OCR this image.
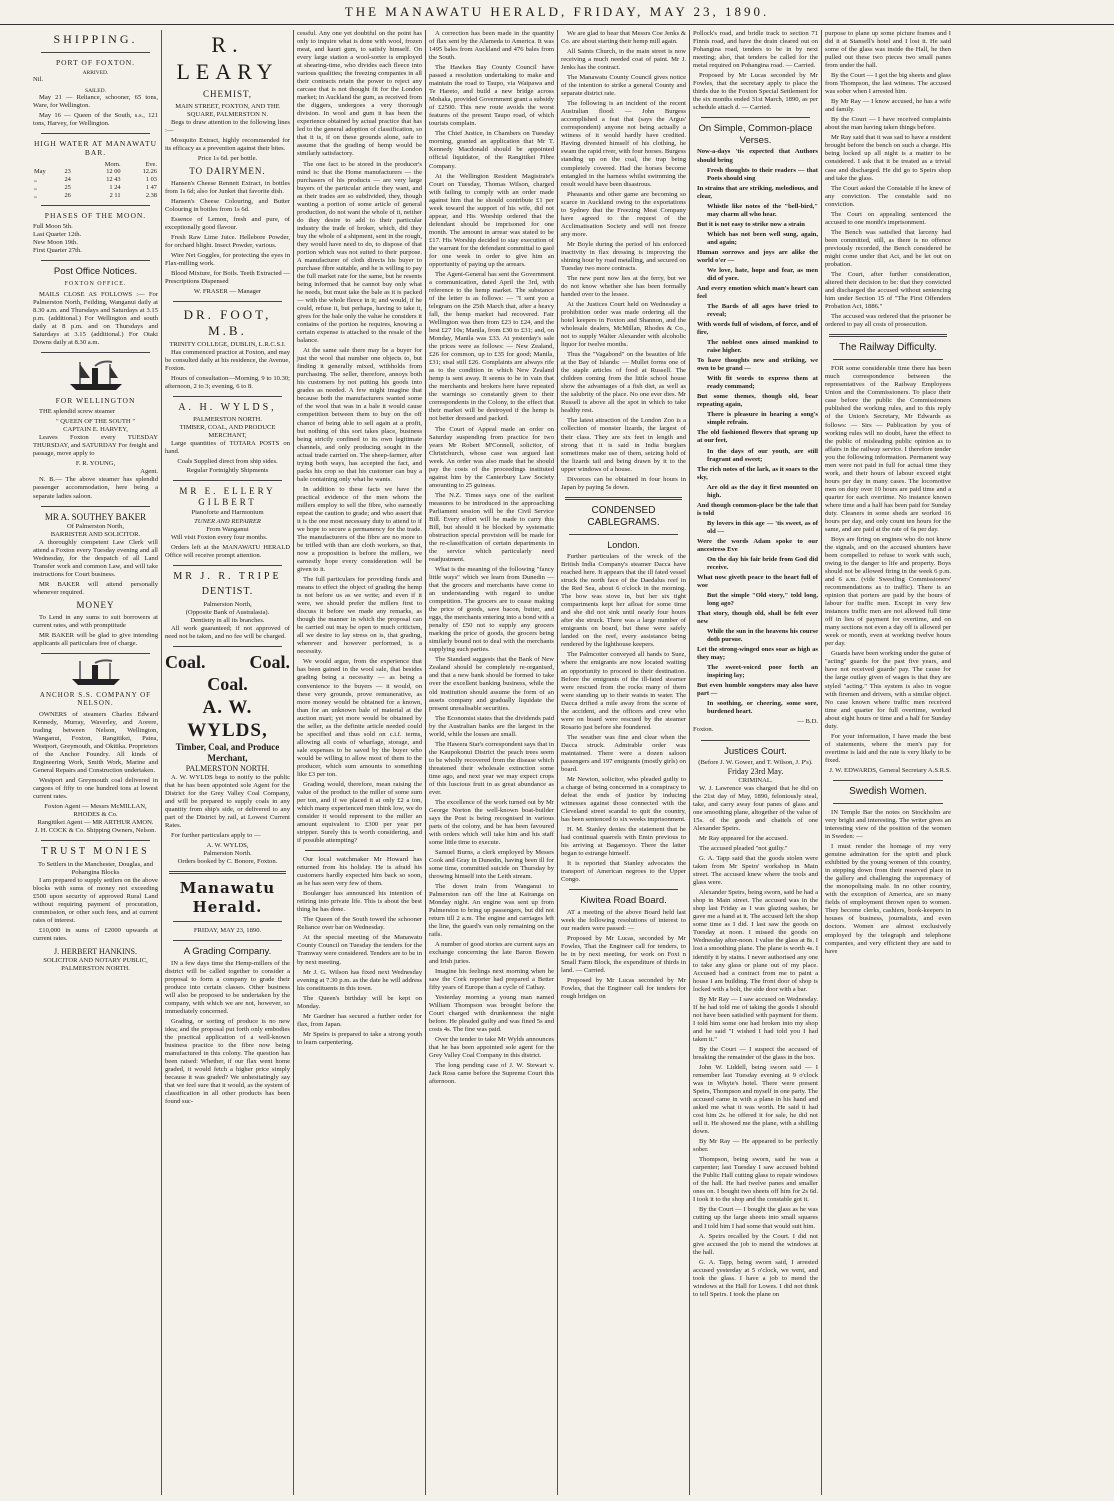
THE MANAWATU HERALD, FRIDAY, MAY 23, 1890.
SHIPPING.
PORT OF FOXTON.
ARRIVED.
Nil.
SAILED.

May 21 — Reliance, schooner, 65 tons, Ware, for Wellington.

May 16 — Queen of the South, s.s., 121 tons, Harvey, for Wellington.

HIGH WATER AT MANAWATU BAR.
		Morn.	Eve.
May	23	12 00	12.26
„	24	12 43	1 03
„	25	1 24	1 47
„	26	2 11	2.38
PHASES OF THE MOON.
Full Moon 5th.
Last Quarter 12th.
New Moon 19th.
First Quarter 27th.
Post Office Notices.
FOXTON OFFICE.

MAILS CLOSE AS FOLLOWS :— For Palmerston North, Feilding, Wanganui daily at 8.30 a.m. and Thursdays and Saturdays at 3.15 p.m. (additional.) For Wellington and south daily at 8 p.m. and on Thursdays and Saturdays at 3.15 (additional.) For Otaki Downs daily at 8.30 a.m.

FOR WELLINGTON

THE splendid screw steamer

" QUEEN OF THE SOUTH "
CAPTAIN E. HARVEY,

Leaves Foxton every TUESDAY THURSDAY, and SATURDAY For freight and passage, move apply to

F. R. YOUNG,
Agent.

N. B.— The above steamer has splendid passenger accommodation, here being a separate ladies saloon.

MR A. SOUTHEY BAKER
Of Palmerston North,
BARRISTER AND SOLICITOR.

A thoroughly competent Law Clerk will attend a Foxton every Tuesday evening and all Wednesday, for the despatch of all Land Transfer work and common Law, and will take instructions for Court business.

MR BAKER will attend personally whenever required.

MONEY

To Lend in any sums to suit borrowers at current rates, and with promptitude

MR BAKER will be glad to give intending applicants all particulars free of charge.

ANCHOR S.S. COMPANY OF NELSON.

OWNERS of steamers Charles Edward Kennedy, Murray, Waverley, and Aorere, trading between Nelson, Wellington, Wanganui, Foxton, Rangitikei, Patea, Westport, Greymouth, and Okitika. Proprietors of the Anchor Foundry. All kinds of Engineering Work, Smith Work, Marine and General Repairs and Construction undertaken.

Westport and Greymouth coal delivered in cargoes of fifty to one hundred tons at lowest current rates.

Foxton Agent — Messrs McMILLAN, RHODES & Co.
Rangitikei Agent — MR ARTHUR AMON.
J. H. COCK & Co. Shipping Owners, Nelson.
TRUST MONIES
To Settlers in the Manchester, Douglas, and Pohangina Blocks

I am prepared to supply settlers on the above blocks with sums of money not exceeding £500 upon security of approved Rural Land without requiring payment of procuration, commission, or other such fees, and at current rates of interest.

£10,000 in sums of £2000 upwards at current rates.

J. HERBERT HANKINS.
SOLICITOR AND NOTARY PUBLIC, PALMERSTON NORTH.
R. LEARY
CHEMIST,
MAIN STREET, FOXTON, AND THE SQUARE, PALMERSTON N.

Begs to draw attention to the following lines :—

Mosquito Extract, highly recommended for its efficacy as a prevention against their bites.

Price 1s 6d. per bottle.
TO DAIRYMEN.

Hansen's Cheese Rennett Extract, in bottles from 1s 6d; also for Junket that favorite dish.

Hansen's Cheese Colouring, and Butter Colouring in bottles from 1s 6d.

Essence of Lemon, fresh and pure, of exceptionally good flavour.

Fresh Raw Lime Juice. Hellebore Powder, for orchard blight. Insect Powder, various.

Wire Net Goggles, for protecting the eyes in Flax-milling work.

Blood Mixture, for Boils. Teeth Extracted — Prescriptions Dispensed

W. FRASER — Manager
DR. FOOT, M.B.
TRINITY COLLEGE, DUBLIN, L.R.C.S.I.

Has commenced practice at Foxton, and may be consulted daily at his residence, the Avenue, Foxton.

Hours of consultation—Morning, 9 to 10.30; afternoon, 2 to 3; evening, 6 to 8.

A. H. WYLDS,
PALMERSTON NORTH.
TIMBER, COAL, AND PRODUCE MERCHANT,

Large quantities of TOTARA POSTS on hand.

Coals Supplied direct from ship sides.
Regular Fortnightly Shipments
MR E. ELLERY GILBERT
Pianoforte and Harmonium
TUNER AND REPAIRER
From Wanganui

Will visit Foxton every four months.

Orders left at the MANAWATU HERALD Office will receive prompt attention.

MR J. R. TRIPE
DENTIST.
Palmerston North,
(Opposite Bank of Australasia).
Dentistry in all its branches.

All work guaranteed; if not approved of need not be taken, and no fee will be charged.

Coal. Coal.
Coal.
A. W. WYLDS,
Timber, Coal, and Produce Merchant,
PALMERSTON NORTH.

A. W. WYLDS begs to notify to the public that he has been appointed sole Agent for the District for the Grey Valley Coal Company, and will be prepared to supply coals in any quantity from ship's side, or delivered to any part of the District by rail, at Lowest Current Rates.

For further particulars apply to —

A. W. WYLDS,
Palmerston North.
Orders booked by C. Bonore, Foxton.
Manawatu Herald.
FRIDAY, MAY 23, 1890.
A Grading Company.

IN a few days time the Hemp-millers of the district will be called together to consider a proposal to form a company to grade their produce into certain classes. Other business will also be proposed to be undertaken by the company, with which we are not, however, so immediately concerned.

Grading, or sorting of produce is no new idea; and the proposal put forth only embodies the practical application of a well-known business practice to the fibre now being manufactured in this colony. The question has been raised: Whether, if our flax went home graded, it would fetch a higher price simply because it was graded? We unhesitatingly say that we feel sure that it would, as the system of classification in all other products has been found suc-

cessful. Any one yet doubtful on the point has only to inquire what is done with wool, frozen meat, and kauri gum, to satisfy himself. On every large station a wool-sorter is employed at shearing-time, who divides each fleece into various qualities; the freezing companies in all their contracts retain the power to reject any carcase that is not thought fit for the London market; in Auckland the gum, as received from the diggers, undergoes a very thorough division. In wool and gum it has been the experience obtained by actual practice that has led to the general adoption of classification, so that it is, if on these grounds alone, safe to assume that the grading of hemp would be similarly satisfactory.

The one fact to be stored in the producer's mind is: that the Home manufacturers — the purchasers of his products — are very large buyers of the particular article they want, and as their trades are so subdivided, they, though wanting a portion of some article of general production, do not want the whole of it, neither do they desire to add to their particular industry the trade of broker, which, did they buy the whole of a shipment, sent in the rough, they would have need to do, to dispose of that portion which was not suited to their purpose. A manufacturer of cloth directs his buyer to purchase fibre suitable, and he is willing to pay the full market rate for the same, but he resents being informed that he cannot buy only what he needs, but must take the bale as it is packed — with the whole fleece in it; and would, if he could, refuse it, but perhaps, having to take it, gives for the bale only the value he considers it contains of the portion he requires, knowing a certain expense is attached to the resale of the balance.

At the same sale there may be a buyer for just the wool that number one objects to, but finding it generally mixed, withholds from purchasing. The seller, therefore, annoys both his customers by not putting his goods into grades as needed. A few might imagine that because both the manufacturers wanted some of the wool that was in a bale it would cause competition between them to buy on the off chance of being able to sell again at a profit, but nothing of this sort takes place, business being strictly confined to its own legitimate channels, and only producing sought in the actual trade carried on. The sheep-farmer, after trying both ways, has accepted the fact, and packs his crop so that his customer can buy a bale containing only what he wants.

In addition to these facts we have the practical evidence of the men whom the millers employ to sell the fibre, who earnestly repeat the caution to grade; and who assert that it is the one most necessary duty to attend to if we hope to secure a permanency for the trade. The manufacturers of the fibre are no more to be trifled with than are cloth workers, so that, now a proposition is before the millers, we earnestly hope every consideration will be given to it.

The full particulars for providing funds and means to effect the object of grading the hemp is not before us as we write; and even if it were, we should prefer the millers first to discuss it before we made any remarks, as though the manner in which the proposal can be carried out may be open to much criticism, all we desire to lay stress on is, that grading, wherever and however performed, is a necessity.

We would argue, from the experience that has been gained in the wool sale, that besides grading being a necessity — as being a convenience to the buyers — it would, on these very grounds, prove remunerative, as more money would be obtained for a known, than for an unknown bale of material at the auction mart; yet more would be obtained by the seller, as the definite article needed could be specified and thus sold on c.i.f. terms, allowing all costs of wharfage, storage, and sale expenses to be saved by the buyer who would be willing to allow most of them to the producer, which sum amounts to something like £3 per ton.

Grading would, therefore, mean raising the value of the product to the miller of some sum per ton, and if we placed it at only £2 a ton, which many experienced men think low, we do consider it would represent to the miller an amount equivalent to £300 per year per stripper. Surely this is worth considering, and if possible attempting?

Our local watchmaker Mr Howard has returned from his holiday. He is afraid his customers hardly expected him back so soon, as he has seen very few of them.

Boulanger has announced his intention of retiring into private life. This is about the best thing he has done.

The Queen of the South towed the schooner Reliance over bar on Wednesday.

At the special meeting of the Manawatu County Council on Tuesday the tenders for the Tramway were considered. Tenders are to be in by next meeting.

Mr J. G. Wilson has fixed next Wednesday evening at 7.30 p.m. as the date he will address his constituents in this town.

The Queen's birthday will be kept on Monday.

Mr Gardner has secured a further order for flax, from Japan.

Mr Speirs is prepared to take a strong youth to learn carpentering.

A correction has been made in the quantity of flax sent by the Alameda to America. It was 1495 bales from Auckland and 476 bales from the South.

The Hawkes Bay County Council have passed a resolution undertaking to make and maintain the road to Taupo, via Waipawa and Te Hareto, and build a new bridge across Mohaka, provided Government grant a subsidy of £2500. This new route avoids the worst features of the present Taupo road, of which tourists complain.

The Chief Justice, in Chambers on Tuesday morning, granted an application that Mr T. Kennedy Macdonald should be appointed official liquidator, of the Rangitikei Fibre Company.

At the Wellington Resident Magistrate's Court on Tuesday, Thomas Wilson, charged with failing to comply with an order made against him that he should contribute £1 per week toward the support of his wife, did not appear, and His Worship ordered that the defendant should be imprisoned for one month. The amount in arrear was stated to be £17. His Worship decided to stay execution of the warrant for the defendant committal to gaol for one week in order to give him an opportunity of paying up the arrears.

The Agent-General has sent the Government a communication, dated April the 3rd, with reference to the hemp market. The substance of the letter is as follows: — "I sent you a telegram on the 25th March that, after a heavy fall, the hemp market had recovered. Fair Wellington was then from £23 to £24, and the best £27 10s; Manila, from £30 to £31; and, on Monday, Manila was £33. At yesterday's sale the prices were as follows: — New Zealand, £26 for common, up to £35 for good; Manila, £31; sisal still £26. Complaints are always rife as to the condition in which New Zealand hemp is sent away. It seems to be in vain that the merchants and brokers here have repeated the warnings so constantly given to their correspondents in the Colony, to the effect that their market will be destroyed if the hemp is not better dressed and packed.

The Court of Appeal made an order on Saturday suspending from practice for two years Mr Robert M'Connell, solicitor, of Christchurch, whose case was argued last week. An order was also made that he should pay the costs of the proceedings instituted against him by the Canterbury Law Society amounting to 25 guineas.

The N.Z. Times says one of the earliest measures to be introduced in the approaching Parliament session will be the Civil Service Bill. Every effort will be made to carry this Bill, but should it be blocked by systematic obstruction special provision will be made for the re-classification of certain departments in the service which particularly need readjustment.

What is the meaning of the following "fancy little ways" which we learn from Dunedin — that the grocers and merchants have come to an understanding with regard to undue competition. The grocers are to cease making the price of goods, save bacon, butter, and eggs, the merchants entering into a bond with a penalty of £50 not to supply any grocers marking the price of goods, the grocers being similarly bound not to deal with the merchants supplying such parties.

The Standard suggests that the Bank of New Zealand should be completely re-organised, and that a new bank should be formed to take over the excellent banking business, while the old institution should assume the form of an assets company and gradually liquidate the present unrealisable securities.

The Economist states that the dividends paid by the Australian banks are the largest in the world, while the losses are small.

The Hawera Star's correspondent says that in the Kaupokonui District the peach trees seem to be wholly recovered from the disease which threatened their wholesale extinction some time ago, and next year we may expect crops of this luscious fruit in as great abundance as ever.

The excellence of the work turned out by Mr George Norton the well-known boat-builder says the Post is being recognised in various parts of the colony, and he has been favoured with orders which will take him and his staff some little time to execute.

Samuel Burns, a clerk employed by Messrs Cook and Gray in Dunedin, having been ill for some time, committed suicide on Thursday by throwing himself into the Leith stream.

The down train from Wanganui to Palmerston ran off the line at Kairanga on Monday night. An engine was sent up from Palmerston to bring up passengers, but did not return till 2 a.m. The engine and carriages left the line, the guard's van only remaining on the rails.

A number of good stories are current says an exchange concerning the late Baron Bowen and Irish juries.

Imagine his feelings next morning when he saw the Cork reporter had prepared a Better fifty years of Europe than a cycle of Cathay.

Yesterday morning a young man named William Thompson was brought before the Court charged with drunkenness the night before. He pleaded guilty and was fined 5s and costs 4s. The fine was paid.

Over the tender to take Mr Wylds announces that he has been appointed sole agent for the Grey Valley Coal Company in this district.

The long pending case of J. W. Stewart v. Jack Ross came before the Supreme Court this afternoon.

We are glad to hear that Messrs Coe Jenks & Co. are about starting their hemp mill again.

All Saints Church, in the main street is now receiving a much needed coat of paint. Mr J. Jenks has the contract.

The Manawatu County Council gives notice of the intention to strike a general County and separate district rate.

The following is an incident of the recent Australian flood: — John Burgess accomplished a feat that (says the Argus' correspondent) anyone not being actually a witness of it would hardly have credited. Having divested himself of his clothing, he swam the rapid river, with four horses. Burgess standing up on the coal, the trap being completely covered. Had the horses become entangled in the harness whilst swimming the result would have been disastrous.

Pheasants and other game are becoming so scarce in Auckland owing to the exportations to Sydney that the Freezing Meat Company have agreed to the request of the Acclimatisation Society and will not freeze any more.

Mr Boyle during the period of his enforced inactivity in flax dressing is improving the shining hour by road metalling, and secured on Tuesday two more contracts.

The new punt now lies at the ferry, but we do not know whether she has been formally handed over to the lessee.

At the Justices Court held on Wednesday a prohibition order was made ordering all the hotel keepers in Foxton and Shannon, and the wholesale dealers, McMillan, Rhodes & Co., not to supply Walter Alexander with alcoholic liquor for twelve months.

Thus the "Vagabond" on the beauties of life at the Bay of Islands: — Mullet forms one of the staple articles of food at Russell. The children coming from the little school house show the advantages of a fish diet, as well as the salubrity of the place. No one ever dies. Mr Russell is above all the spot in which to take healthy rest.

The latest attraction of the London Zoo is a collection of monster lizards, the largest of their class. They are six feet in length and strong that it is said in India burglars sometimes make use of them, seizing hold of the lizards tail and being drawn by it to the upper windows of a house.

Divorces can be obtained in four hours in Japan by paying 5s down.

CONDENSED CABLEGRAMS.
London.

Further particulars of the wreck of the British India Company's steamer Dacca have reached here. It appears that the ill fated vessel struck the north face of the Daedalus reef in the Red Sea, about 6 o'clock in the morning. The bow was stove in, but her six tight compartments kept her afloat for some time and she did not sink until nearly four hours after she struck. There was a large number of emigrants on board, but these were safely landed on the reef, every assistance being rendered by the lighthouse keepers.

The Palmcotter conveyed all hands to Suez, where the emigrants are now located waiting an opportunity to proceed to their destination. Before the emigrants of the ill-fated steamer were rescued from the rocks many of them were standing up to their waists in water. The Dacca drifted a mile away from the scene of the accident, and the officers and crew who were on board were rescued by the steamer Rosario just before she foundered.

The weather was fine and clear when the Dacca struck. Admirable order was maintained. There were a dozen saloon passengers and 197 emigrants (mostly girls) on board.

Mr Newton, solicitor, who pleaded guilty to a charge of being concerned in a conspiracy to defeat the ends of justice by inducing witnesses against those connected with the Cleveland street scandal to quit the country, has been sentenced to six weeks imprisonment.

H. M. Stanley denies the statement that he had continual quarrels with Emin previous to his arriving at Bagamoyo. There the latter began to estrange himself.

It is reported that Stanley advocates the transport of American negroes to the Upper Congo.

Kiwitea Road Board.

AT a meeting of the above Board held last week the following resolutions of interest to our readers were passed: —

Proposed by Mr Lucas, seconded by Mr Fowles, That the Engineer call for tenders, to be in by next meeting, for work on Foxt n Small Farm Block, the expenditure of thirds in land. — Carried.

Proposed by Mr Lucas seconded by Mr Fowles, that the Engineer call for tenders for rough bridges on

Pollock's road, and bridle track to section 71 Finnis road, and have the drain cleared out on Pohangina road, tenders to be in by next meeting; also, that tenders be called for the metal required on Pohangina road. — Carried.

Proposed by Mr Lucas seconded by Mr Fowles, that the secretary apply to place the thirds due to the Foxton Special Settlement for the six months ended 31st March, 1890, as per schedule attach d. — Carried.

On Simple, Common-place Verses.

Now-a-days 'tis expected that Authors should bring

Fresh thoughts to their readers — that Poets should sing

In strains that are striking, melodious, and clear,

Whistle like notes of the "bell-bird," may charm all who hear.

But it is not easy to strike now a strain

Which has not been well sung, again, and again;

Human sorrows and joys are alike the world o'er —

We love, hate, hope and fear, as men did of yore.

And every emotion which man's heart can feel

The Bards of all ages have tried to reveal;

With words full of wisdom, of force, and of fire,

The noblest ones aimed mankind to raise higher.

To have thoughts new and striking, we own to be grand —

With fit words to express them at ready command;

But some themes, though old, bear repeating again,

There is pleasure in hearing a song's simple refrain.

The old fashioned flowers that sprang up at our feet,

In the days of our youth, are still fragrant and sweet;

The rich notes of the lark, as it soars to the sky,

Are old as the day it first mounted on high.

And though common-place be the tale that is told

By lovers in this age — 'tis sweet, as of old —

Were the words Adam spoke to our ancestress Eve

On the day his fair bride from God did receive.

What now giveth peace to the heart full of woe

But the simple "Old story," told long, long ago?

That story, though old, shall be felt ever new

While the sun in the heavens his course doth pursue.

Let the strong-winged ones soar as high as they may;

The sweet-voiced poor forth an inspiring lay;

But even humble songsters may also have part —

In soothing, or cheering, some sore, burdened heart.

— B.D.
Foxton.
Justices Court.
(Before J. W. Gower, and T. Wilson, J. P's).
Friday 23rd May.
CRIMINAL.

W. J. Lawrence was charged that he did on the 21st day of May, 1890, feloniously steal, take, and carry away four panes of glass and one smoothing plane, altogether of the value of 15s. of the goods and chattels of one Alexander Speirs.

Mr Ray appeared for the accused.

The accused pleaded "not guilty."

G. A. Tapp said that the goods stolen were taken from Mr Speirs' workshop in Main street. The accused knew where the tools and glass were.

Alexander Speirs, being sworn, said he had a shop in Main street. The accused was in the shop last Friday as I was glazing sashes, he gave me a hand at it. The accused left the shop some time as I did. I last saw the goods on Tuesday at noon. I missed the goods on Wednesday after-noon. I value the glass at 8s. I lost a smoothing plane. The plane is worth 4s. I identify it by stains. I never authorised any one to take any glass or plane out of my place. Accused had a contract from me to paint a house I am building. The front door of shop is locked with a bolt, the side door with a bar.

By Mr Ray — I saw accused on Wednesday. If he had told me of taking the goods I should not have been satisfied with payment for them. I told him some one had broken into my shop and he said "I wished I had told you I had taken it."

By the Court — I suspect the accused of breaking the remainder of the glass in the box.

John W. Liddell, being sworn said — I remember last Tuesday evening at 9 o'clock was in Whyte's hotel. There were present Speirs, Thompson and myself in one party. The accused came in with a plane in his hand and asked me what it was worth. He said it had cost him 2s. he offered it for sale, he did not sell it. He showed me the plane, with a shilling down.

By Mr Ray — He appeared to be perfectly sober.

Thompson, being sworn, said he was a carpenter; last Tuesday I saw accused behind the Public Hall cutting glass to repair windows of the hall. He had twelve panes and smaller ones on. I bought two sheets off him for 2s 6d. I took it to the shop and the constable got it.

By the Court — I bought the glass as he was cutting up the large sheets into small squares and I told him I had some that would suit him.

A. Speirs recalled by the Court. I did not give accused the job to mend the windows at the hall.

G. A. Tapp, being sworn said, I arrested accused yesterday at 5 o'clock, we went, and took the glass. I have a job to mend the windows at the Hall for Lowes. I did not think to tell Speirs. I took the plane on

purpose to plane up some picture frames and I did it at Stansell's hotel and I lost it. He said some of the glass was inside the Hall, he then pulled out these two pieces two small panes from under the hall.

By the Court — I got the big sheets and glass from Thompson, the last witness. The accused was sober when I arrested him.

By Mr Ray — I know accused, he has a wife and family.

By the Court — I have received complaints about the man having taken things before.

Mr Ray said that it was sad to have a resident brought before the bench on such a charge. His being locked up all night is a matter to be considered. I ask that it be treated as a trivial case and discharged. He did go to Speirs shop and take the glass.

The Court asked the Constable if he knew of any conviction. The constable said no conviction.

The Court on appealing sentenced the accused to one month's imprisonment.

The Bench was satisfied that larceny had been committed, still, as there is no offence previously recorded, the Bench considered he might come under that Act, and be let out on probation.

The Court, after further consideration, altered their decision to be: that they convicted and discharged the accused without sentencing him under Section 15 of "The First Offenders Probation Act, 1886."

The accused was ordered that the prisoner be ordered to pay all costs of prosecution.

The Railway Difficulty.

FOR some considerable time there has been much correspondence between the representatives of the Railway Employees Union and the Commissioners. To place their case before the public the Commissioners published the working rules, and to this reply of the Union's Secretary, Mr Edwards as follows: — Sirs — Publication by you of working rules will no doubt, have the effect to the public of misleading public opinion as to affairs in the railway service. I therefore tender you the following information. Permanent way men were not paid in full for actual time they work, and their hours of labour exceed eight hours per day in many cases. The locomotive men on duty over 10 hours are paid time and a quarter for each overtime. No instance known where time and a half has been paid for Sunday duty. Cleaners in some sheds are worked 16 hours per day, and only count ten hours for the same, and are paid at the rate of 6s per day.

Boys are firing on engines who do not know the signals, and on the accused shunters have been compelled to refuse to work with such, owing to the danger to life and property. Boys should not be allowed firing in the week 6 p.m. and 6 a.m. (vide Swestling Commissioners' recommendations as to traffic). There is an opinion that porters are paid by the hours of labour for traffic men. Except in very few instances traffic men are not allowed full time off in lieu of payment for overtime, and on many sections not even a day off is allowed per week or month, even at working twelve hours per day.

Guards have been working under the guise of "acting" guards for the past five years, and have not received guards' pay. The cause for the large outlay given of wages is that they are styled "acting." This system is also in vogue with firemen and drivers, with a similar object. No case known where traffic men received time and quarter for full overtime, worked about eight hours or time and a half for Sunday duty.

For your information, I have made the best of statements, where the men's pay for overtime is laid and the rate is very likely to be fixed.

J. W. EDWARDS, General Secretary A.S.R.S.
Swedish Women.

IN Temple Bar the notes on Stockholm are very bright and interesting. The writer gives an interesting view of the position of the women in Sweden: —

I must render the homage of my very genuine admiration for the spirit and pluck exhibited by the young women of this country, in stepping down from their reserved place in the gallery and challenging the supremacy of the monopolising male. In no other country, with the exception of America, are so many fields of employment thrown open to women. They become clerks, cashiers, book-keepers in houses of business, journalists, and even doctors. Women are almost exclusively employed by the telegraph and telephone companies, and very efficient they are said to have
